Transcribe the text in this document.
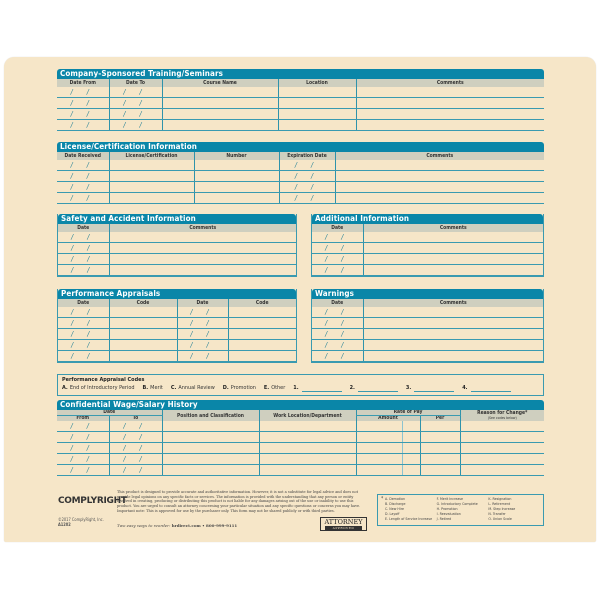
Company-Sponsored Training/Seminars
Date From	Date To	Course Name	Location	Comments
/ /	/ /			
/ /	/ /			
/ /	/ /			
/ /	/ /			
License/Certification Information
Date Received	License/Certification	Number	Expiration Date	Comments
/ /			/ /	
/ /			/ /	
/ /			/ /	
/ /			/ /	
Safety and Accident Information
Date	Comments
/ /	
/ /	
/ /	
/ /	
Additional Information
Date	Comments
/ /	
/ /	
/ /	
/ /	
Performance Appraisals
Date	Code	Date	Code
/ /		/ /	
/ /		/ /	
/ /		/ /	
/ /		/ /	
/ /		/ /	
Warnings
Date	Comments
/ /	
/ /	
/ /	
/ /	
/ /	
Performance Appraisal Codes
A. End of Introductory Period B. Merit C. Annual Review D. Promotion E. Other 1.	2.	3.	4.
Confidential Wage/Salary History
Date		Position and Classification	Work Location/Department	Rate of Pay			Reason for Change*
(See codes below)
From	To			Amount		Per	
/ /	/ /						
/ /	/ /						
/ /	/ /						
/ /	/ /						
/ /	/ /						
COMPLYRIGHT
©2017 ComplyRight, Inc.
A1202
This product is designed to provide accurate and authoritative information. However, it is not a substitute for legal advice and does not provide legal opinions on any specific facts or services. The information is provided with the understanding that any person or entity involved in creating, producing or distributing this product is not liable for any damages arising out of the use or inability to use this product. You are urged to consult an attorney concerning your particular situation and any specific questions or concerns you may have.
Important note: This is approved for use by the purchaser only. This form may not be shared publicly or with third parties.
Two easy ways to reorder: hrdirect.com • 800-999-9111	ATTORNEY
APPROVED
* A. Demotion
B. Discharge
C. New Hire
D. Layoff
E. Length of Service Increase
F. Merit Increase
G. Introductory Complete
H. Promotion
I. Reevaluation
J. Retired
K. Resignation
L. Retirement
M. Step Increase
N. Transfer
O. Union Scale
